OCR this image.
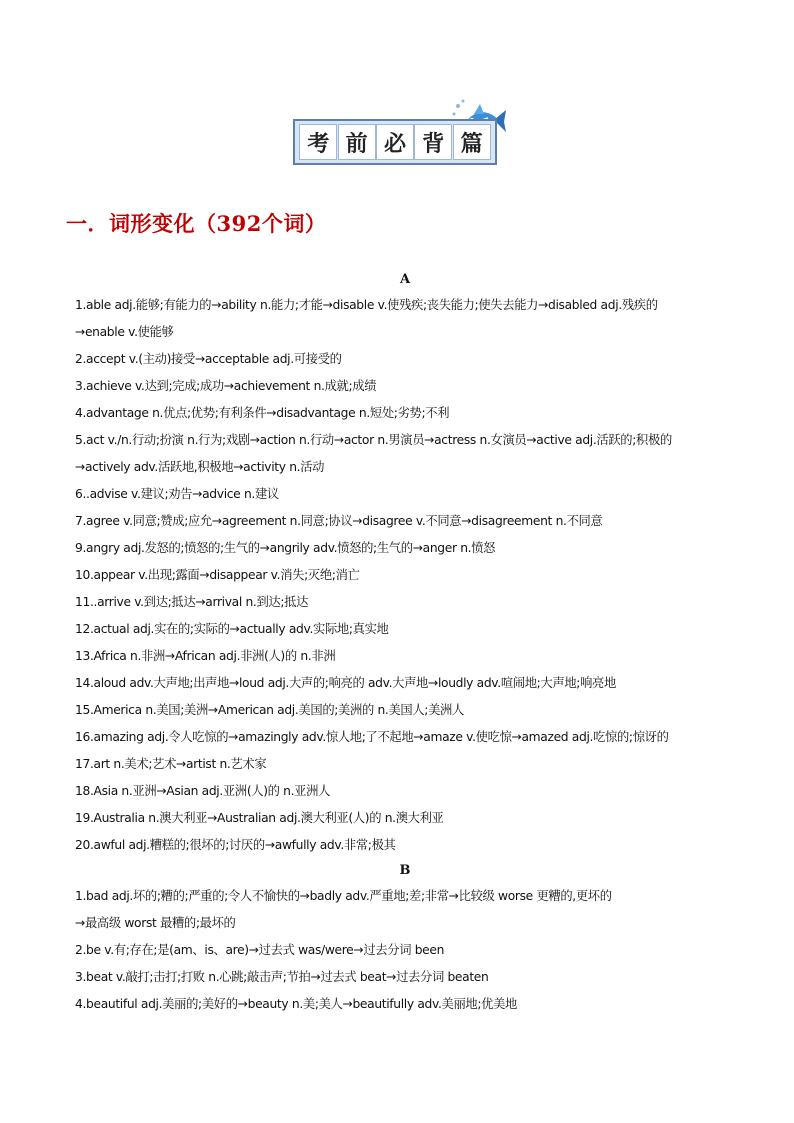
考 前 必 背 篇
一．词形变化（392个词）
A
1.able adj.能够;有能力的→ability n.能力;才能→disable v.使残疾;丧失能力;使失去能力→disabled adj.残疾的
→enable v.使能够
2.accept v.(主动)接受→acceptable adj.可接受的
3.achieve v.达到;完成;成功→achievement n.成就;成绩
4.advantage n.优点;优势;有利条件→disadvantage n.短处;劣势;不利
5.act v./n.行动;扮演 n.行为;戏剧→action n.行动→actor n.男演员→actress n.女演员→active adj.活跃的;积极的
→actively adv.活跃地,积极地→activity n.活动
6..advise v.建议;劝告→advice n.建议
7.agree v.同意;赞成;应允→agreement n.同意;协议→disagree v.不同意→disagreement n.不同意
9.angry adj.发怒的;愤怒的;生气的→angrily adv.愤怒的;生气的→anger n.愤怒
10.appear v.出现;露面→disappear v.消失;灭绝;消亡
11..arrive v.到达;抵达→arrival n.到达;抵达
12.actual adj.实在的;实际的→actually adv.实际地;真实地
13.Africa n.非洲→African adj.非洲(人)的 n.非洲
14.aloud adv.大声地;出声地→loud adj.大声的;响亮的 adv.大声地→loudly adv.喧闹地;大声地;响亮地
15.America n.美国;美洲→American adj.美国的;美洲的 n.美国人;美洲人
16.amazing adj.令人吃惊的→amazingly adv.惊人地;了不起地→amaze v.使吃惊→amazed adj.吃惊的;惊讶的
17.art n.美术;艺术→artist n.艺术家
18.Asia n.亚洲→Asian adj.亚洲(人)的 n.亚洲人
19.Australia n.澳大利亚→Australian adj.澳大利亚(人)的 n.澳大利亚
20.awful adj.糟糕的;很坏的;讨厌的→awfully adv.非常;极其
B
1.bad adj.坏的;糟的;严重的;令人不愉快的→badly adv.严重地;差;非常→比较级 worse 更糟的,更坏的
→最高级 worst 最糟的;最坏的
2.be v.有;存在;是(am、is、are)→过去式 was/were→过去分词 been
3.beat v.敲打;击打;打败 n.心跳;敲击声;节拍→过去式 beat→过去分词 beaten
4.beautiful adj.美丽的;美好的→beauty n.美;美人→beautifully adv.美丽地;优美地
